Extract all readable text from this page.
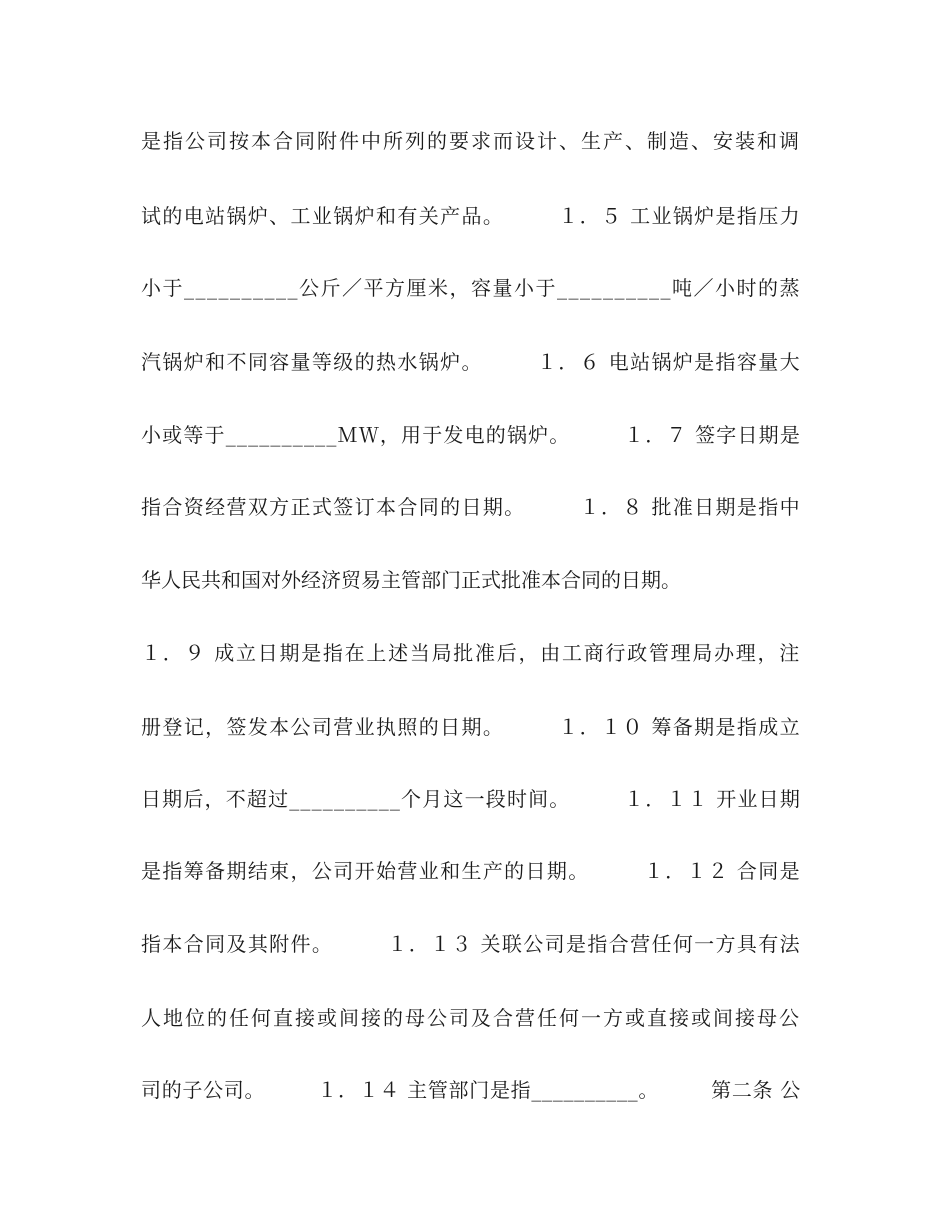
是指公司按本合同附件中所列的要求而设计、生产、制造、安装和调
试的电站锅炉、工业锅炉和有关产品。　　　１．５ 工业锅炉是指压力
小于__________公斤／平方厘米，容量小于__________吨／小时的蒸
汽锅炉和不同容量等级的热水锅炉。　　　１．６ 电站锅炉是指容量大
小或等于__________ＭＷ，用于发电的锅炉。　　　１．７ 签字日期是
指合资经营双方正式签订本合同的日期。　　　１．８ 批准日期是指中
华人民共和国对外经济贸易主管部门正式批准本合同的日期。
１．９ 成立日期是指在上述当局批准后，由工商行政管理局办理，注
册登记，签发本公司营业执照的日期。　　　１．１０ 筹备期是指成立
日期后，不超过__________个月这一段时间。　　　１．１１ 开业日期
是指筹备期结束，公司开始营业和生产的日期。　　　１．１２ 合同是
指本合同及其附件。　　　１．１３ 关联公司是指合营任何一方具有法
人地位的任何直接或间接的母公司及合营任何一方或直接或间接母公
司的子公司。　　　１．１４ 主管部门是指__________。　　　第二条 公
